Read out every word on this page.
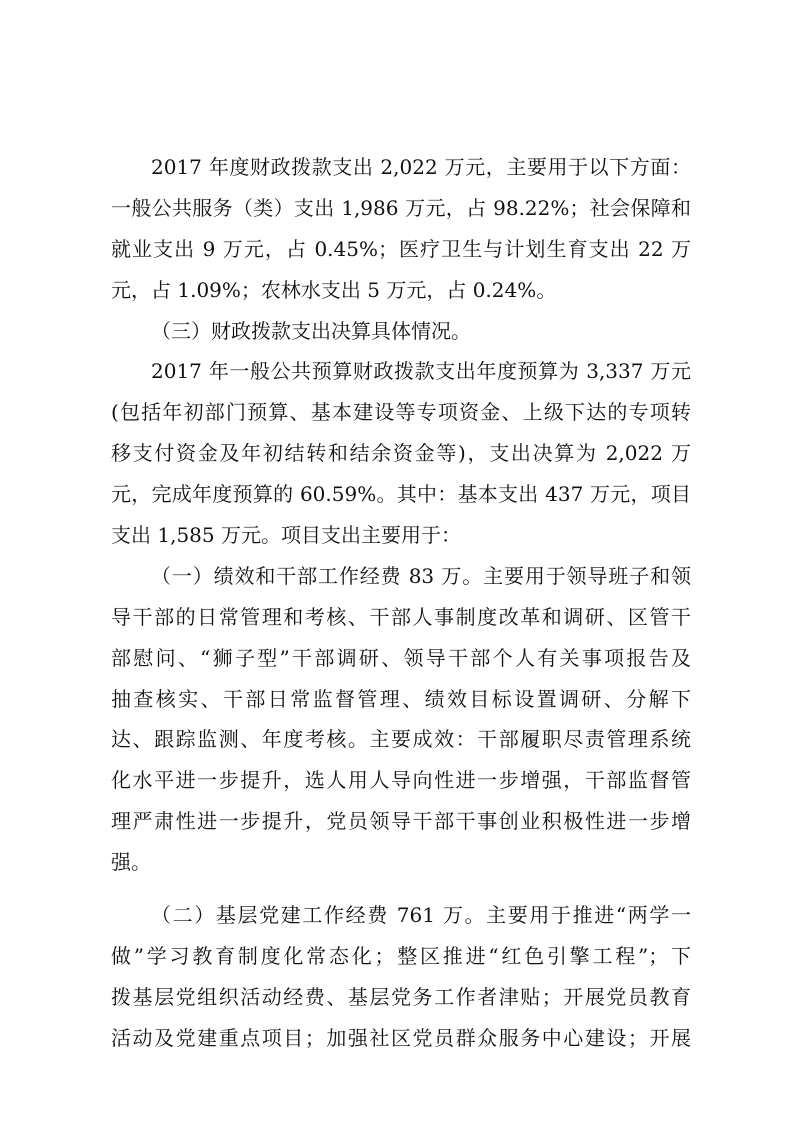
2017 年度财政拨款支出 2,022 万元，主要用于以下方面：
一般公共服务（类）支出 1,986 万元，占 98.22%；社会保障和
就业支出 9 万元，占 0.45%；医疗卫生与计划生育支出 22 万
元，占 1.09%；农林水支出 5 万元，占 0.24%。
（三）财政拨款支出决算具体情况。
2017 年一般公共预算财政拨款支出年度预算为 3,337 万元
(包括年初部门预算、基本建设等专项资金、上级下达的专项转
移支付资金及年初结转和结余资金等)，支出决算为 2,022 万
元，完成年度预算的 60.59%。其中：基本支出 437 万元，项目
支出 1,585 万元。项目支出主要用于：
（一）绩效和干部工作经费 83 万。主要用于领导班子和领
导干部的日常管理和考核、干部人事制度改革和调研、区管干
部慰问、“狮子型”干部调研、领导干部个人有关事项报告及
抽查核实、干部日常监督管理、绩效目标设置调研、分解下
达、跟踪监测、年度考核。主要成效：干部履职尽责管理系统
化水平进一步提升，选人用人导向性进一步增强，干部监督管
理严肃性进一步提升，党员领导干部干事创业积极性进一步增
强。
（二）基层党建工作经费 761 万。主要用于推进“两学一
做”学习教育制度化常态化；整区推进“红色引擎工程”；下
拨基层党组织活动经费、基层党务工作者津贴；开展党员教育
活动及党建重点项目；加强社区党员群众服务中心建设；开展
